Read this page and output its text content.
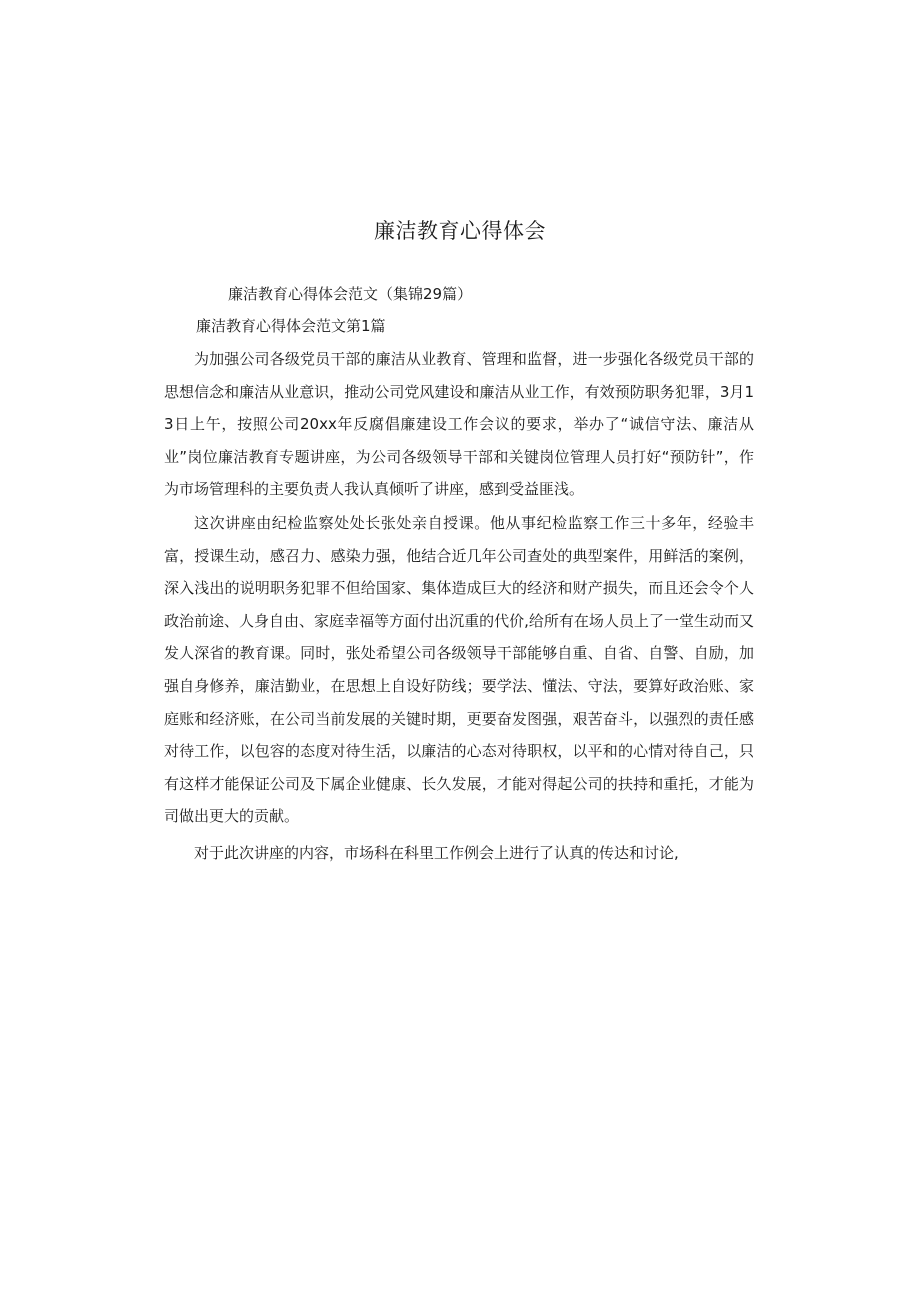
廉洁教育心得体会

廉洁教育心得体会范文（集锦29篇）

廉洁教育心得体会范文第1篇

为加强公司各级党员干部的廉洁从业教育、管理和监督，进一步强化各级党员干部的思想信念和廉洁从业意识，推动公司党风建设和廉洁从业工作，有效预防职务犯罪，3月13日上午，按照公司20xx年反腐倡廉建设工作会议的要求，举办了“诚信守法、廉洁从业”岗位廉洁教育专题讲座，为公司各级领导干部和关键岗位管理人员打好“预防针”，作为市场管理科的主要负责人我认真倾听了讲座，感到受益匪浅。

这次讲座由纪检监察处处长张处亲自授课。他从事纪检监察工作三十多年，经验丰富，授课生动，感召力、感染力强，他结合近几年公司查处的典型案件，用鲜活的案例，深入浅出的说明职务犯罪不但给国家、集体造成巨大的经济和财产损失，而且还会令个人政治前途、人身自由、家庭幸福等方面付出沉重的代价,给所有在场人员上了一堂生动而又发人深省的教育课。同时，张处希望公司各级领导干部能够自重、自省、自警、自励，加强自身修养，廉洁勤业，在思想上自设好防线；要学法、懂法、守法，要算好政治账、家庭账和经济账，在公司当前发展的关键时期，更要奋发图强，艰苦奋斗，以强烈的责任感对待工作，以包容的态度对待生活，以廉洁的心态对待职权，以平和的心情对待自己，只有这样才能保证公司及下属企业健康、长久发展，才能对得起公司的扶持和重托，才能为司做出更大的贡献。

对于此次讲座的内容，市场科在科里工作例会上进行了认真的传达和讨论,
